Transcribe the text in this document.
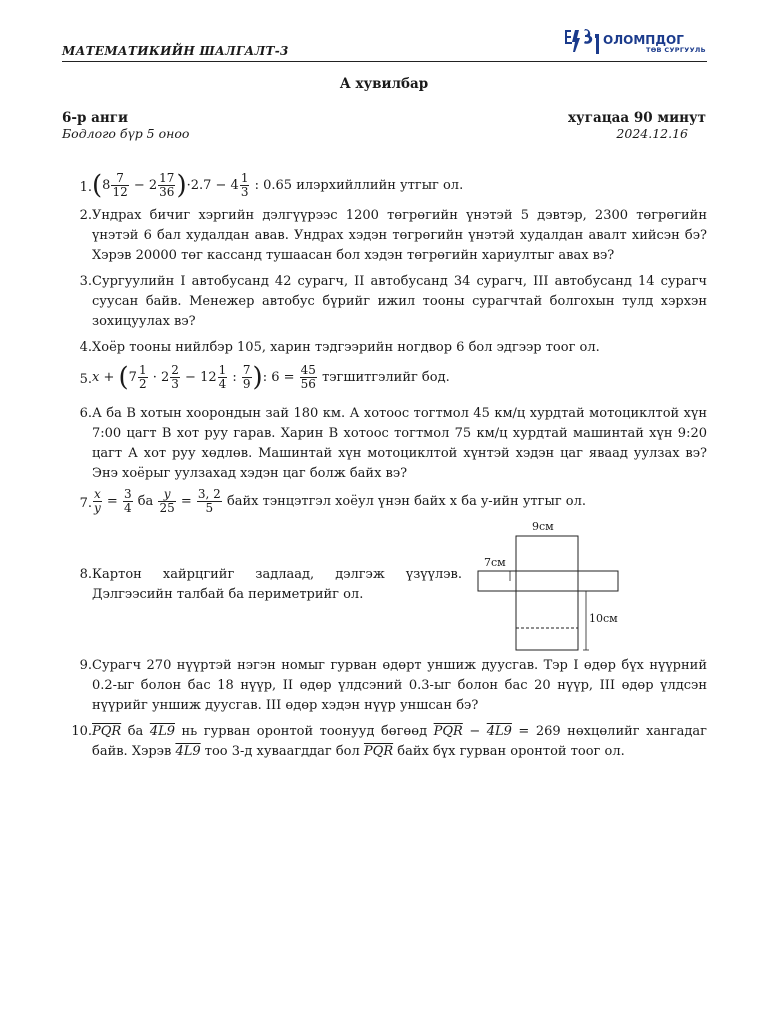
МАТЕМАТИКИЙН ШАЛГАЛТ-3
ОЛОМПДОГ
ТӨВ СУРГУУЛЬ
А хувилбар
6-р анги	хугацаа 90 минут
Бодлого бүр 5 оноо	2024.12.16
1. $(8 \frac{7}{12} - 2 \frac{17}{36} )\cdot 2.7 - 4 \frac{1}{3}$ : 0.65 илэрхийллийн утгыг ол.
2. Ундрах бичиг хэргийн дэлгүүрээс 1200 төгрөгийн үнэтэй 5 дэвтэр, 2300 төгрөгийн үнэтэй 6 бал худалдан авав. Ундрах хэдэн төгрөгийн үнэтэй худалдан авалт хийсэн бэ? Хэрэв 20000 төг кассанд тушаасан бол хэдэн төгрөгийн хариултыг авах вэ?
3. Сургуулийн I автобусанд 42 сурагч, II автобусанд 34 сурагч, III автобусанд 14 сурагч суусан байв. Менежер автобус бүрийг ижил тооны сурагчтай болгохын тулд хэрхэн зохицуулах вэ?
4. Хоёр тооны нийлбэр 105, харин тэдгээрийн ногдвор 6 бол эдгээр тоог ол.
5. $x + (7 \frac{1}{2} \cdot 2 \frac{2}{3} - 12 \frac{1}{4}$ : $\frac{7}{9}$ ): $6 = \frac{45}{56}$ тэгшитгэлийг бод.
6. А ба В хотын хоорондын зай 180 км. А хотоос тогтмол 45 км/ц хурдтай мотоциклтой хүн 7:00 цагт В хот руу гарав. Харин В хотоос тогтмол 75 км/ц хурдтай машинтай хүн 9:20 цагт А хот руу хөдлөв. Машинтай хүн мотоциклтой хүнтэй хэдэн цаг яваад уулзах вэ? Энэ хоёрыг уулзахад хэдэн цаг болж байх вэ?
7. $\frac{x}{y} = \frac{3}{4}$ ба $\frac{y}{25} = \frac{3, 2}{5}$ байх тэнцэтгэл хоёул үнэн байх x ба y-ийн утгыг ол.
8. Картон хайрцгийг задлаад, дэлгэж үзүүлэв. Дэлгээсийн талбай ба периметрийг ол.
9см
7см
10см
9. Сурагч 270 нүүртэй нэгэн номыг гурван өдөрт уншиж дуусгав. Тэр I өдөр бүх нүүрний 0.2-ыг болон бас 18 нүүр, II өдөр үлдсэний 0.3-ыг болон бас 20 нүүр, III өдөр үлдсэн нүүрийг уншиж дуусгав. III өдөр хэдэн нүүр уншсан бэ?
10. $\overline{PQR}$ ба 4L9 нь гурван оронтой тоонууд бөгөөд $\overline{PQR} - 4L9 = 269$ нөхцөлийг хангадаг байв. Хэрэв 4L9 тоо 3-д хуваагддаг бол $\overline{PQR}$ байх бүх гурван оронтой тоог ол.
